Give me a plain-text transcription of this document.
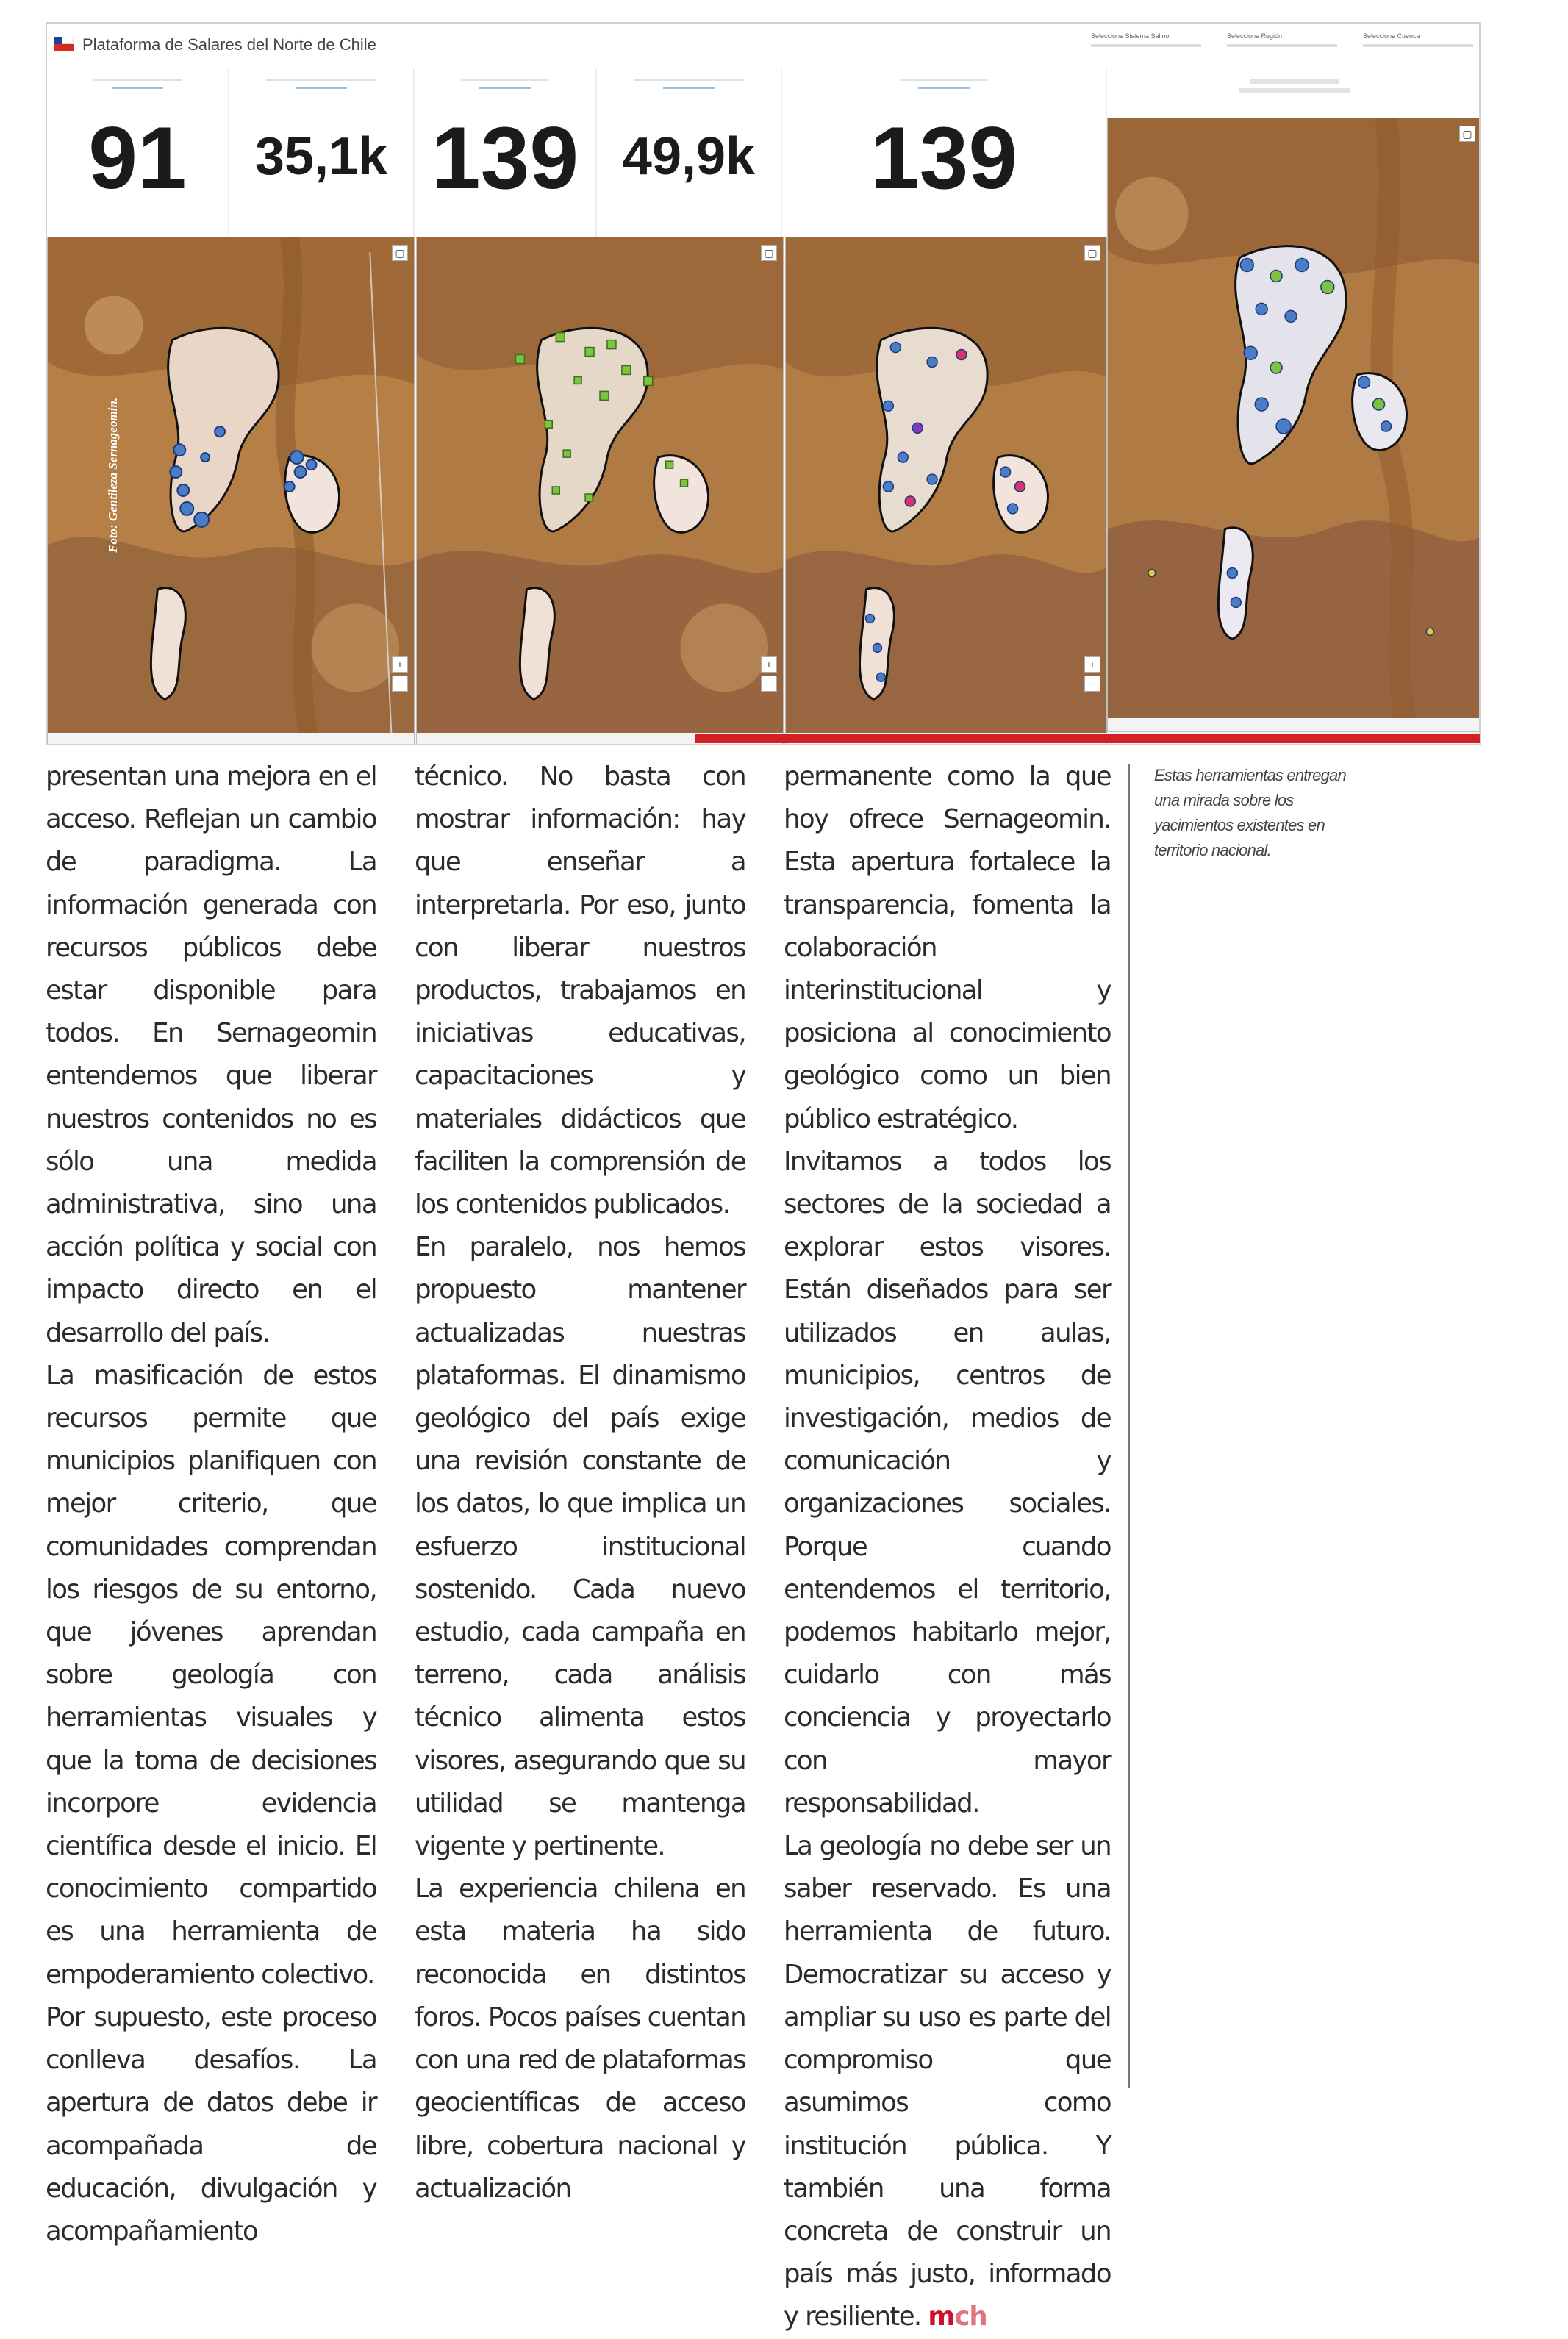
Plataforma de Salares del Norte de Chile	Seleccione Sistema Salino	Seleccione Región	Seleccione Cuenca
91	35,1k 139 49,9k	139
▢
+
−
▢
+
−
▢
+
−
▢
Foto: Gentileza Sernageomin.

presentan una mejora en el acceso. Reflejan un cambio de paradigma. La información generada con recursos públicos debe estar disponible para todos. En Sernageomin entendemos que liberar nuestros contenidos no es sólo una medida administrativa, sino una acción política y social con impacto directo en el desarrollo del país.

La masificación de estos recursos permite que municipios planifiquen con mejor criterio, que comunidades comprendan los riesgos de su entorno, que jóvenes aprendan sobre geología con herramientas visuales y que la toma de decisiones incorpore evidencia científica desde el inicio. El conocimiento compartido es una herramienta de empoderamiento colectivo.

Por supuesto, este proceso conlleva desafíos. La apertura de datos debe ir acompañada de educación, divulgación y acompañamiento

técnico. No basta con mostrar información: hay que enseñar a interpretarla. Por eso, junto con liberar nuestros productos, trabajamos en iniciativas educativas, capacitaciones y materiales didácticos que faciliten la comprensión de los contenidos publicados.

En paralelo, nos hemos propuesto mantener actualizadas nuestras plataformas. El dinamismo geológico del país exige una revisión constante de los datos, lo que implica un esfuerzo institucional sostenido. Cada nuevo estudio, cada campaña en terreno, cada análisis técnico alimenta estos visores, asegurando que su utilidad se mantenga vigente y pertinente.

La experiencia chilena en esta materia ha sido reconocida en distintos foros. Pocos países cuentan con una red de plataformas geocientíficas de acceso libre, cobertura nacional y actualización

permanente como la que hoy ofrece Sernageomin. Esta apertura fortalece la transparencia, fomenta la colaboración interinstitucional y posiciona al conocimiento geológico como un bien público estratégico.

Invitamos a todos los sectores de la sociedad a explorar estos visores. Están diseñados para ser utilizados en aulas, municipios, centros de investigación, medios de comunicación y organizaciones sociales. Porque cuando entendemos el territorio, podemos habitarlo mejor, cuidarlo con más conciencia y proyectarlo con mayor responsabilidad.

La geología no debe ser un saber reservado. Es una herramienta de futuro. Democratizar su acceso y ampliar su uso es parte del compromiso que asumimos como institución pública. Y también una forma concreta de construir un país más justo, informado y resiliente. mch

Estas herramientas entregan una mirada sobre los yacimientos existentes en territorio nacional.
